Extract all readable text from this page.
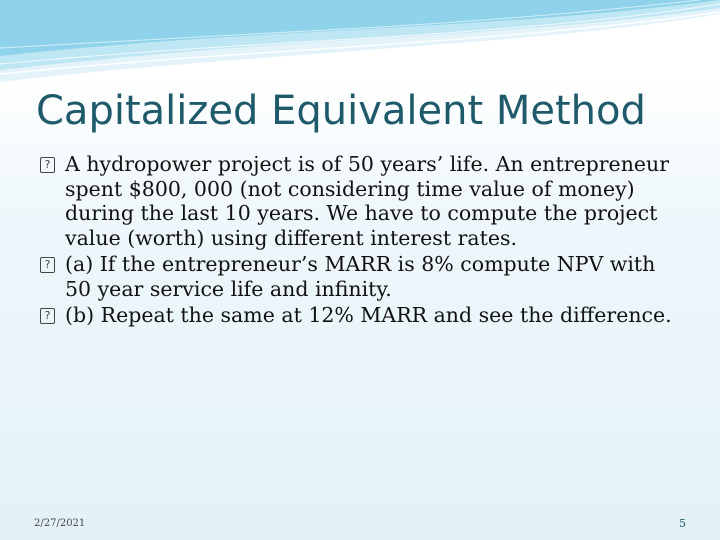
Capitalized Equivalent Method
?
A hydropower project is of 50 years’ life. An entrepreneur spent $800, 000 (not considering time value of money) during the last 10 years. We have to compute the project value (worth) using different interest rates.
?
(a) If the entrepreneur’s MARR is 8% compute NPV with 50 year service life and infinity.
?
(b) Repeat the same at 12% MARR and see the difference.
2/27/2021	5
